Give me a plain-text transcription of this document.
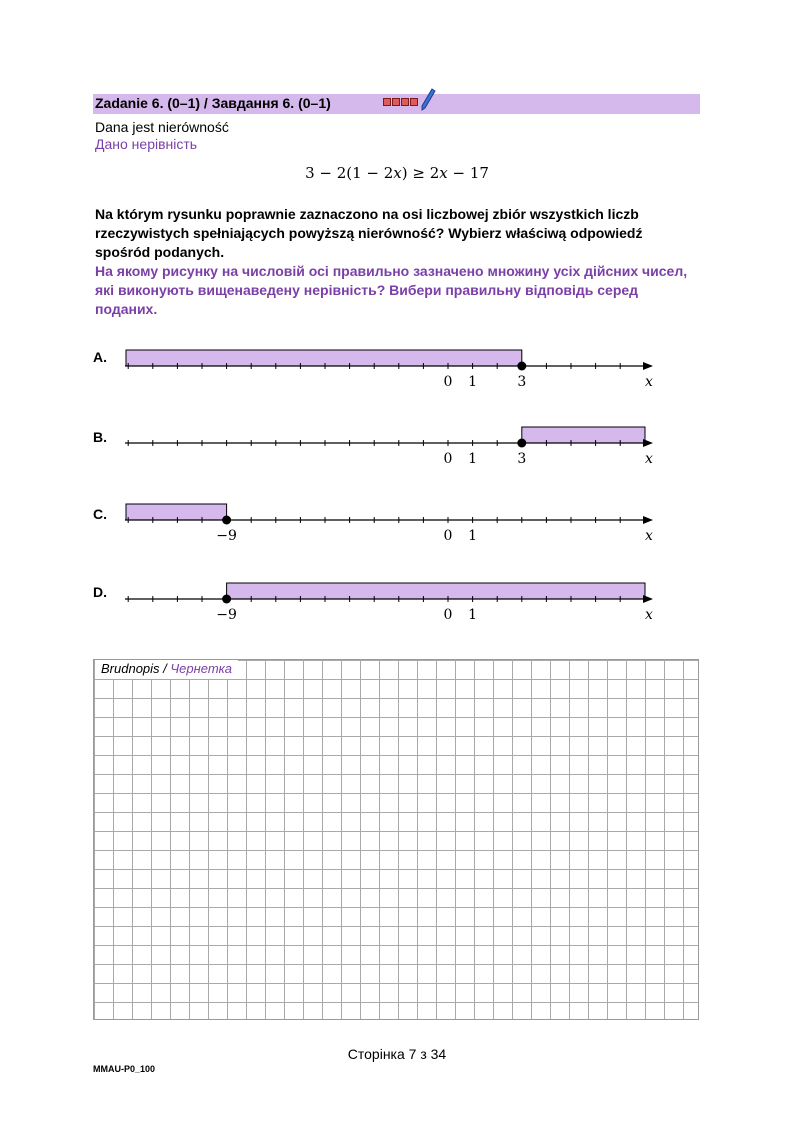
Zadanie 6. (0–1) / Завдання 6. (0–1)
Dana jest nierówność
Дано нерівність
3 − 2(1 − 2𝑥) ≥ 2𝑥 − 17
Na którym rysunku poprawnie zaznaczono na osi liczbowej zbiór wszystkich liczb rzeczywistych spełniających powyższą nierówność? Wybierz właściwą odpowiedź spośród podanych.
На якому рисунку на числовій осі правильно зазначено множину усіх дійсних чисел, які виконують вищенаведену нерівність? Вибери правильну відповідь серед поданих.
A.
B.
C.
D.
0 1	3	𝑥
0 1	3	𝑥
−9	0 1	𝑥
−9	0 1	𝑥
Brudnopis / Чернетка
Сторінка 7 з 34
MMAU-P0_100
